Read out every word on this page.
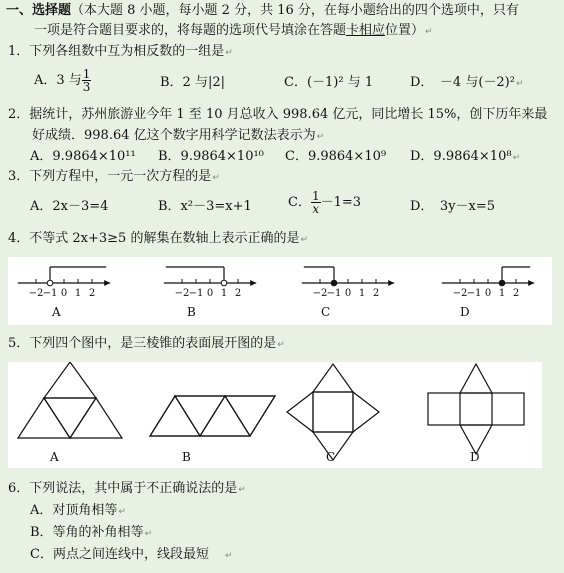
一、选择题（本大题 8 小题，每小题 2 分，共 16 分，在每小题给出的四个选项中，只有
一项是符合题目要求的，将每题的选项代号填涂在答题卡相应位置）↵
1．下列各组数中互为相反数的一组是↵
A．3 与 $\frac{1}{3}$	B．2 与|2|	C．(－1)² 与 1	D．　－4 与(－2)²↵
2．据统计，苏州旅游业今年 1 至 10 月总收入 998.64 亿元，同比增长 15%，创下历年来最
好成绩．998.64 亿这个数字用科学记数法表示为↵
A．9.9864×10¹¹ B．9.9864×10¹⁰ C．9.9864×10⁹ D．9.9864×10⁸↵
3．下列方程中，一元一次方程的是↵
A．2x－3=4	B．x²－3=x+1	C． $\frac{1}{x} -1=3$	D．　3y－x=5
4．不等式 2x+3≥5 的解集在数轴上表示正确的是↵
−2 −1 0 1 2	−2 −1 0 1 2	−2 −1 0 1 2	−2 −1 0 1 2
A	B	C	D
5．下列四个图中，是三棱锥的表面展开图的是↵
A	B	C	D
6．下列说法，其中属于不正确说法的是↵
A．对顶角相等↵
B．等角的补角相等↵
C．两点之间连线中，线段最短 ↵
